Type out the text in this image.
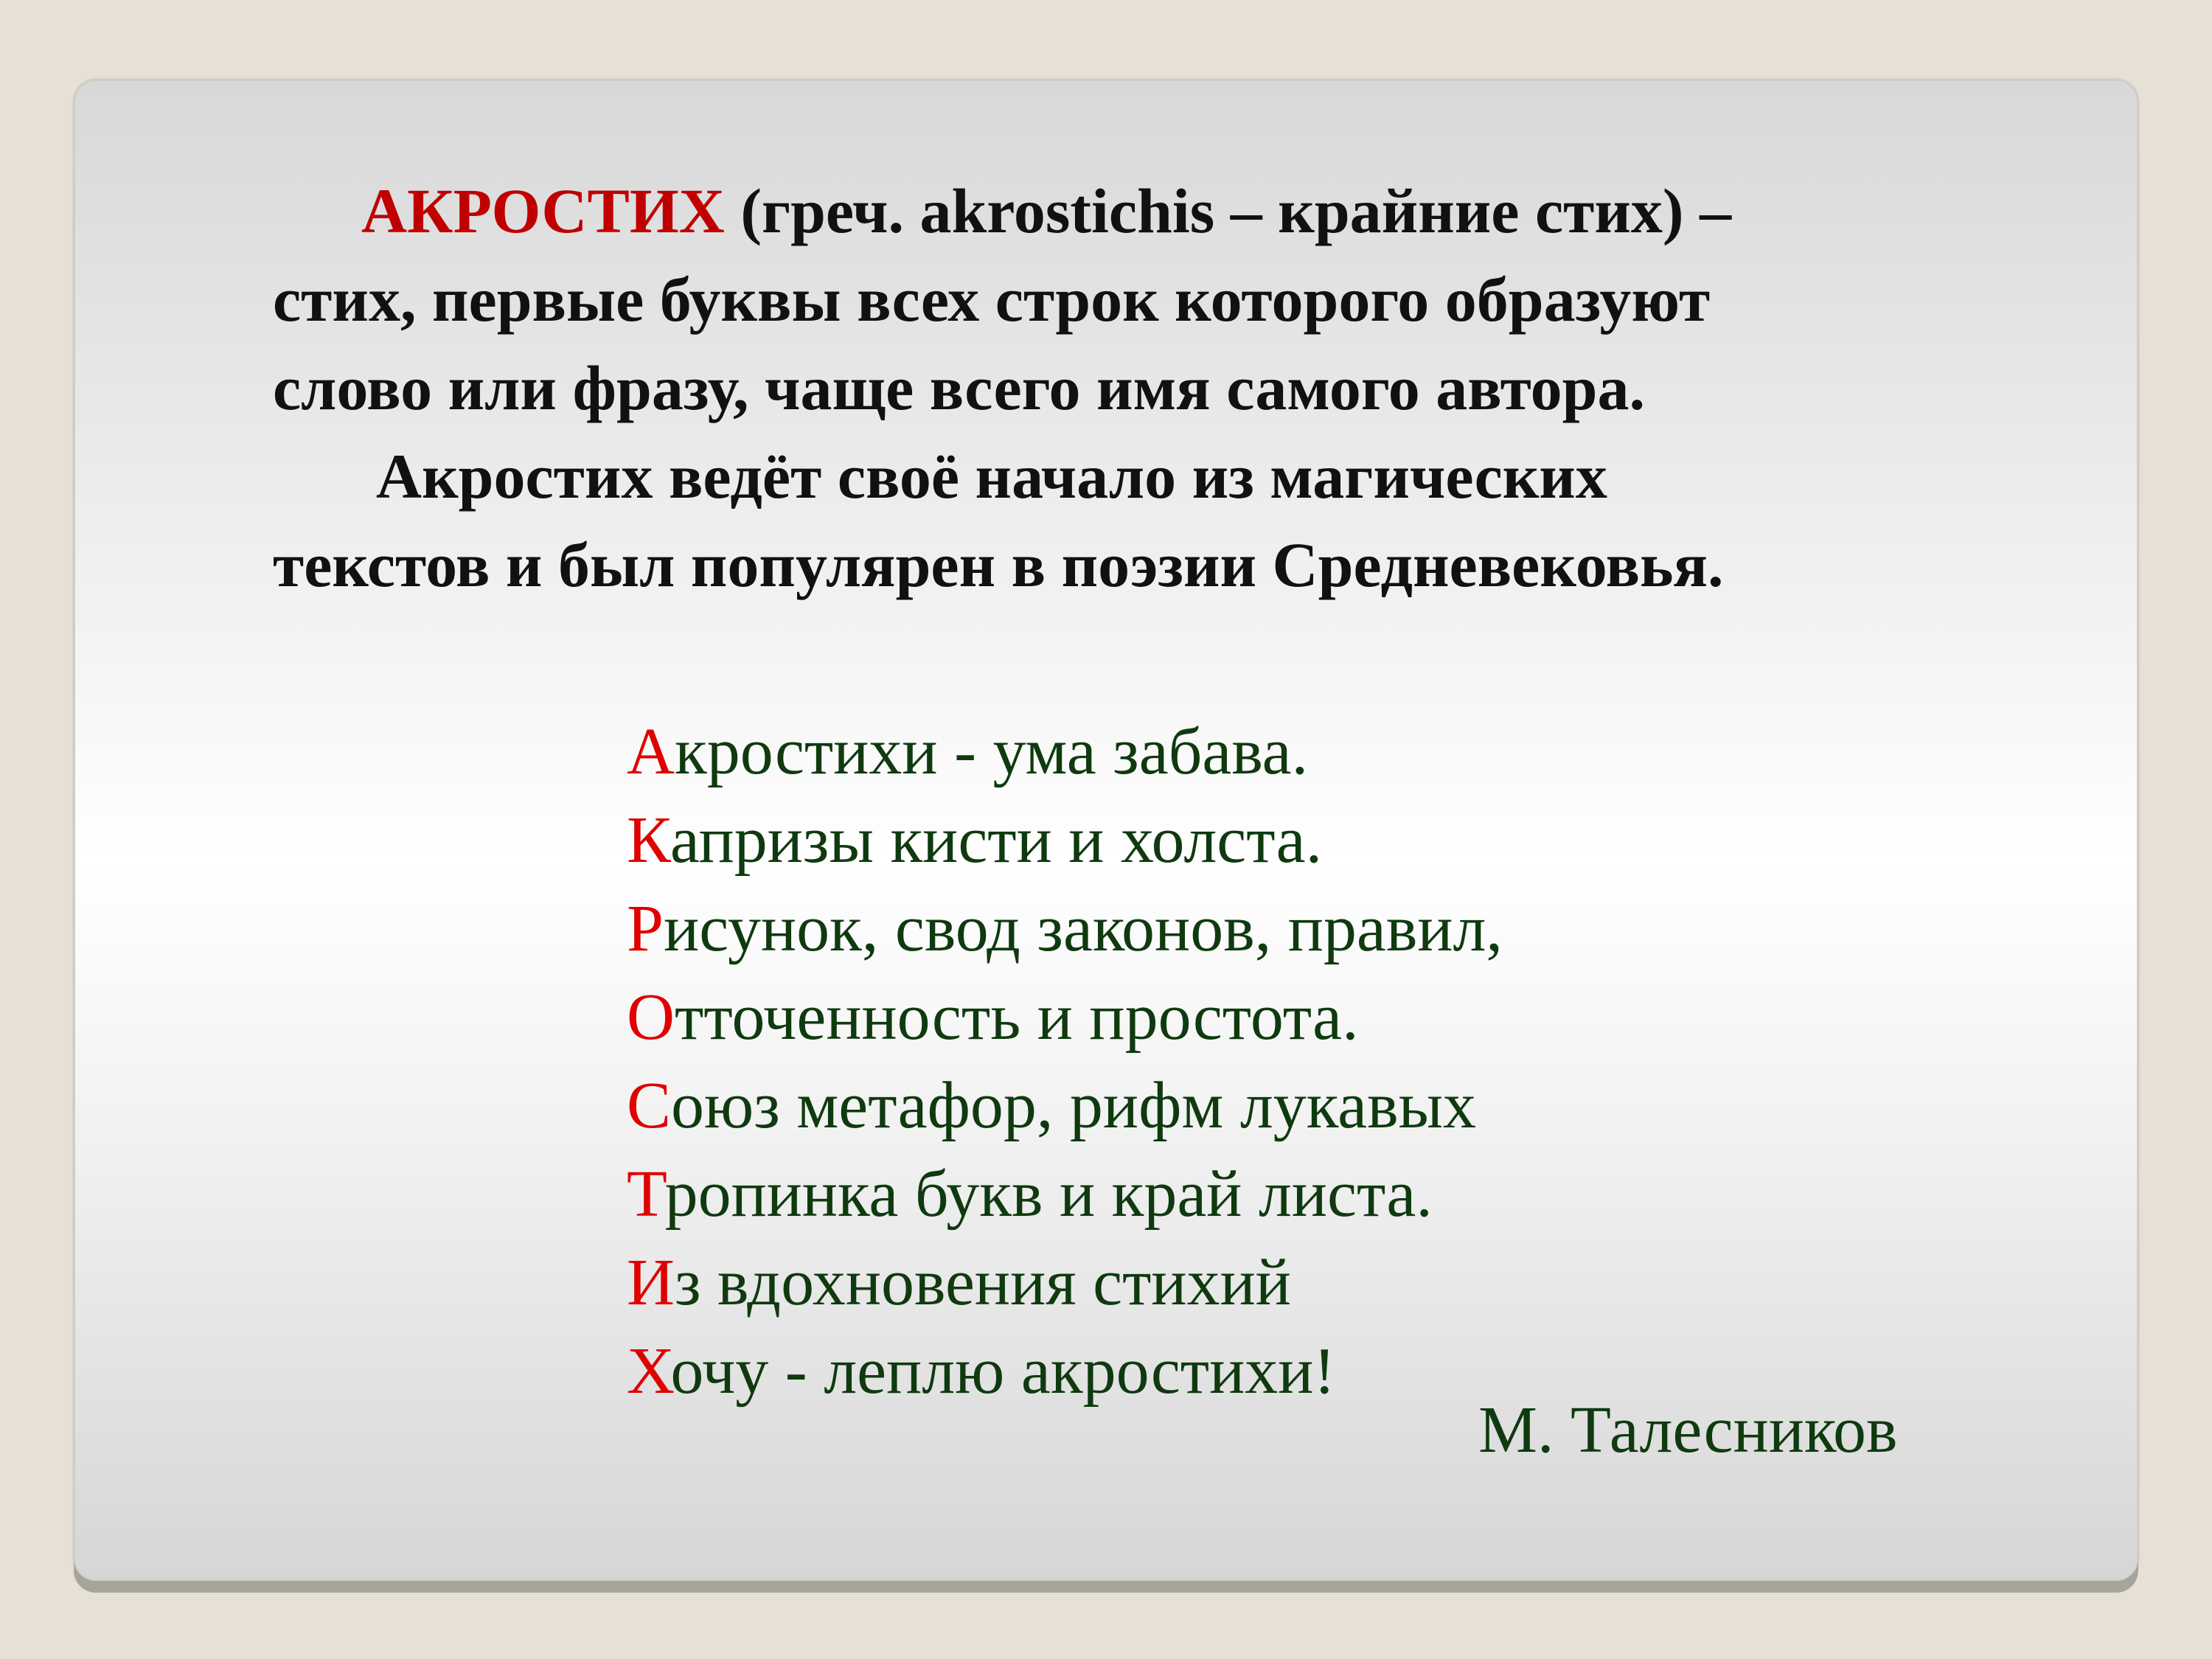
АКРОСТИХ (греч. akrostichis – крайние стих) –
стих, первые буквы всех строк которого образуют
слово или фразу, чаще всего имя самого автора.
Акростих ведёт своё начало из магических
текстов и был популярен в поэзии Средневековья.
Акростихи - ума забава.
Капризы кисти и холста.
Рисунок, свод законов, правил,
Отточенность и простота.
Союз метафор, рифм лукавых
Тропинка букв и край листа.
Из вдохновения стихий
Хочу - леплю акростихи!
М. Талесников
